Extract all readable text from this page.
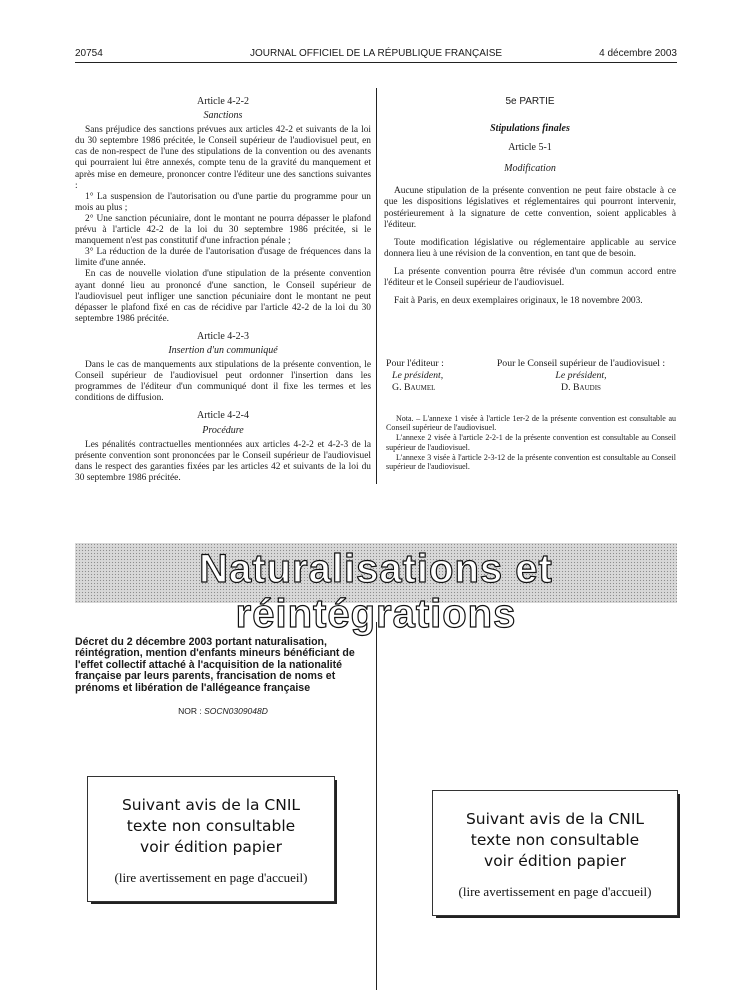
20754	JOURNAL OFFICIEL DE LA RÉPUBLIQUE FRANÇAISE	4 décembre 2003

Article 4-2-2

Sanctions

Sans préjudice des sanctions prévues aux articles 42-2 et suivants de la loi du 30 septembre 1986 précitée, le Conseil supérieur de l'audiovisuel peut, en cas de non-respect de l'une des stipulations de la convention ou des avenants qui pourraient lui être annexés, compte tenu de la gravité du manquement et après mise en demeure, prononcer contre l'éditeur une des sanctions suivantes :

1° La suspension de l'autorisation ou d'une partie du programme pour un mois au plus ;

2° Une sanction pécuniaire, dont le montant ne pourra dépasser le plafond prévu à l'article 42-2 de la loi du 30 septembre 1986 précitée, si le manquement n'est pas constitutif d'une infraction pénale ;

3° La réduction de la durée de l'autorisation d'usage de fréquences dans la limite d'une année.

En cas de nouvelle violation d'une stipulation de la présente convention ayant donné lieu au prononcé d'une sanction, le Conseil supérieur de l'audiovisuel peut infliger une sanction pécuniaire dont le montant ne peut dépasser le plafond fixé en cas de récidive par l'article 42-2 de la loi du 30 septembre 1986 précitée.

Article 4-2-3

Insertion d'un communiqué

Dans le cas de manquements aux stipulations de la présente convention, le Conseil supérieur de l'audiovisuel peut ordonner l'insertion dans les programmes de l'éditeur d'un communiqué dont il fixe les termes et les conditions de diffusion.

Article 4-2-4

Procédure

Les pénalités contractuelles mentionnées aux articles 4-2-2 et 4-2-3 de la présente convention sont prononcées par le Conseil supérieur de l'audiovisuel dans le respect des garanties fixées par les articles 42 et suivants de la loi du 30 septembre 1986 précitée.

5e PARTIE

Stipulations finales

Article 5-1

Modification

Aucune stipulation de la présente convention ne peut faire obstacle à ce que les dispositions législatives et réglementaires qui pourront intervenir, postérieurement à la signature de cette convention, soient applicables à l'éditeur.

Toute modification législative ou réglementaire applicable au service donnera lieu à une révision de la convention, en tant que de besoin.

La présente convention pourra être révisée d'un commun accord entre l'éditeur et le Conseil supérieur de l'audiovisuel.

Fait à Paris, en deux exemplaires originaux, le 18 novembre 2003.

Pour l'éditeur :
Le président,
G. Baumel
Pour le Conseil supérieur de l'audiovisuel :
Le président,
D. Baudis

Nota. – L'annexe 1 visée à l'article 1er-2 de la présente convention est consultable au Conseil supérieur de l'audiovisuel.

L'annexe 2 visée à l'article 2-2-1 de la présente convention est consultable au Conseil supérieur de l'audiovisuel.

L'annexe 3 visée à l'article 2-3-12 de la présente convention est consultable au Conseil supérieur de l'audiovisuel.

Naturalisations et réintégrations
Décret du 2 décembre 2003 portant naturalisation, réintégration, mention d'enfants mineurs bénéficiant de l'effet collectif attaché à l'acquisition de la nationalité française par leurs parents, francisation de noms et prénoms et libération de l'allégeance française
NOR : SOCN0309048D
Suivant avis de la CNIL
texte non consultable
voir édition papier
(lire avertissement en page d'accueil)
Suivant avis de la CNIL
texte non consultable
voir édition papier
(lire avertissement en page d'accueil)
